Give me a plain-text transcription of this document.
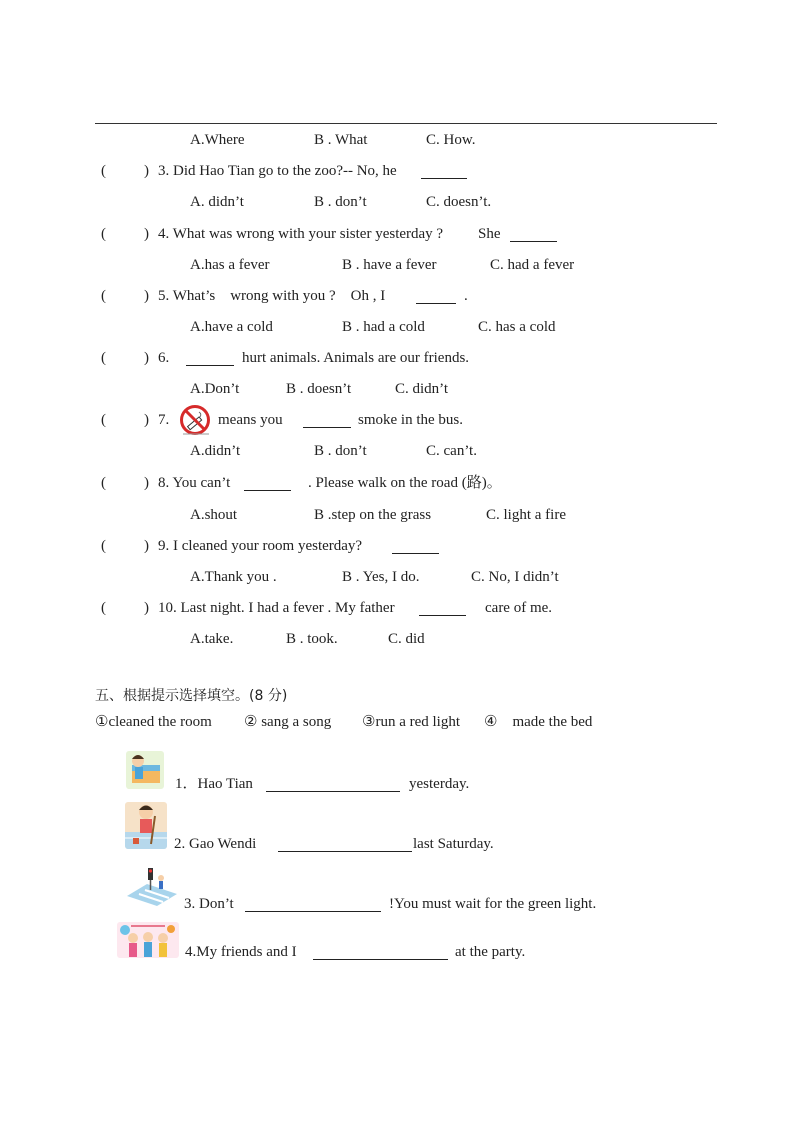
A.Where	B . What	C. How.
(	) 3. Did Hao Tian go to the zoo?-- No, he
A. didn’t	B . don’t	C. doesn’t.
(	) 4. What was wrong with your sister yesterday ? She
A.has a fever	B . have a fever	C. had a fever
(	) 5. What’s    wrong with you ?    Oh , I	.
A.have a cold	B . had a cold	C. has a cold
(	) 6.	hurt animals. Animals are our friends.
A.Don’t	B . doesn’t	C. didn’t
(	) 7.	means you	smoke in the bus.
A.didn’t	B . don’t	C. can’t.
(	) 8. You can’t	. Please walk on the road (路)。
A.shout	B .step on the grass	C. light a fire
(	) 9. I cleaned your room yesterday?
A.Thank you .	B . Yes, I do.	C. No, I didn’t
(	) 10. Last night. I had a fever . My father	care of me.
A.take.	B . took.	C. did
五、根据提示选择填空。(8 分)
①cleaned the room ② sang a song ③run a red light ④    made the bed
1．Hao Tian	yesterday.
2. Gao Wendi	last Saturday.
3. Don’t	!You must wait for the green light.
4.My friends and I	at the party.
